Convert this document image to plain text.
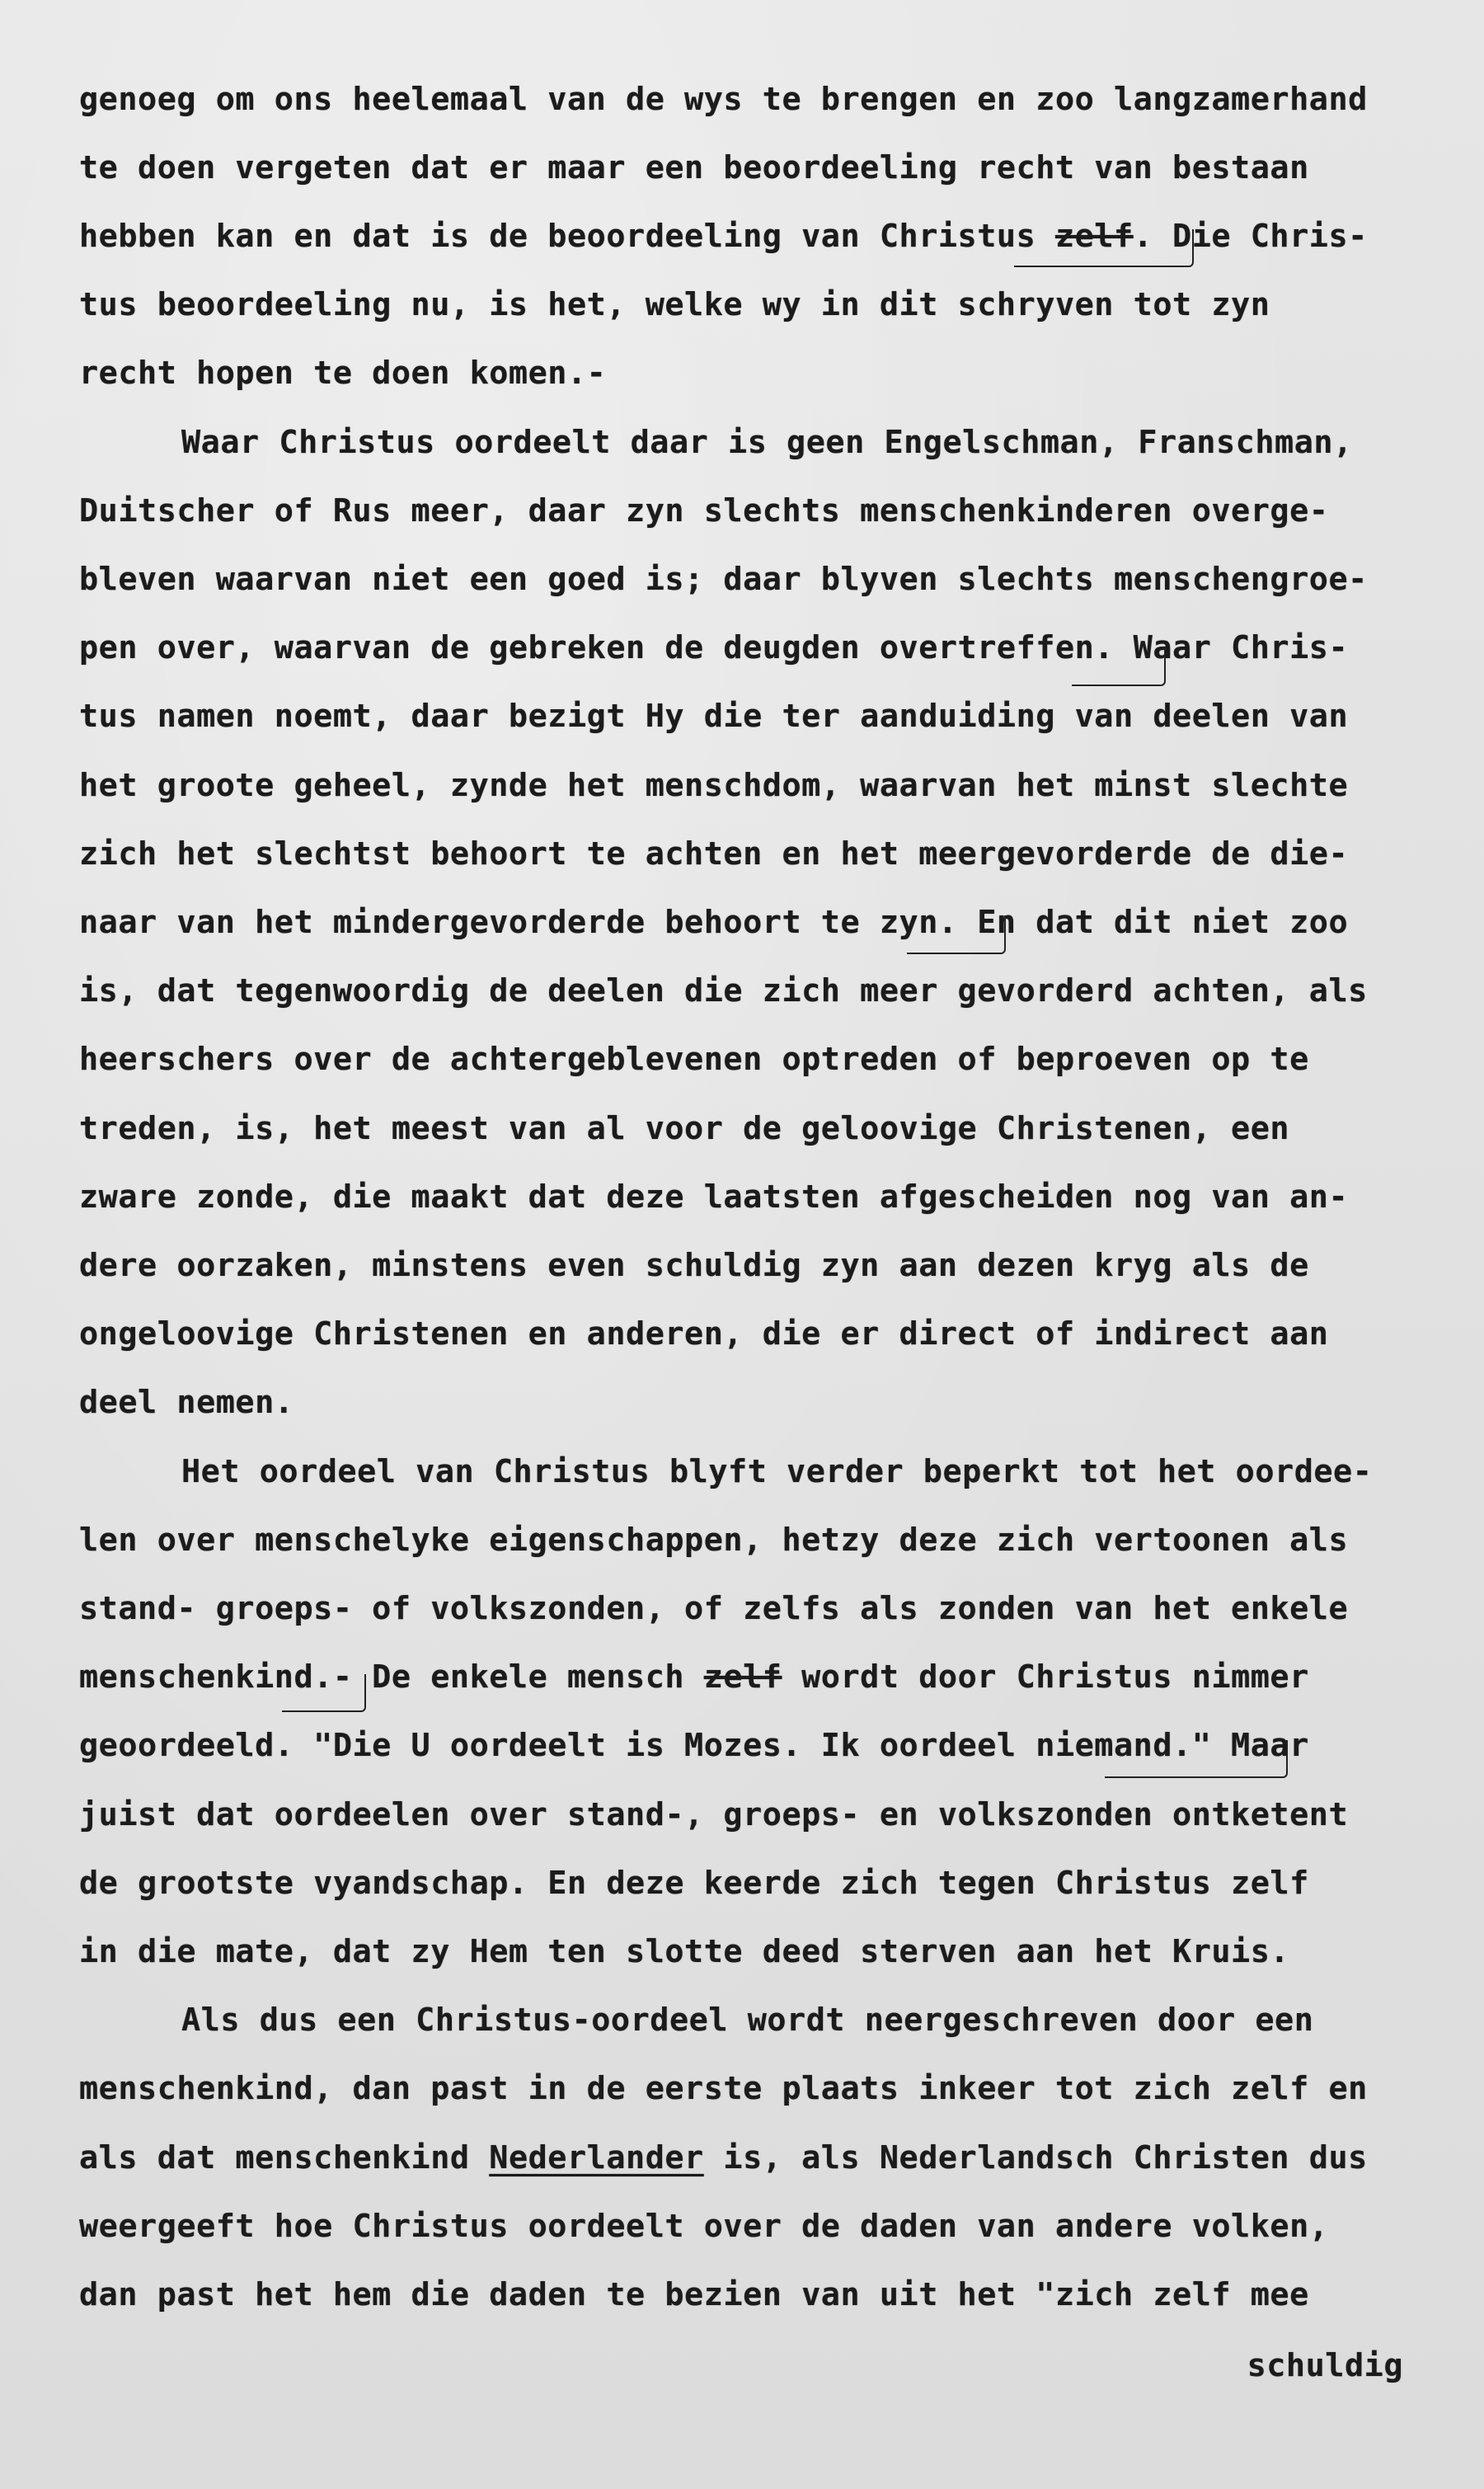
genoeg om ons heelemaal van de wys te brengen en zoo langzamerhand
te doen vergeten dat er maar een beoordeeling recht van bestaan
hebben kan en dat is de beoordeeling van Christus zelf. Die Chris-
tus beoordeeling nu, is het, welke wy in dit schryven tot zyn
recht hopen te doen komen.-
Waar Christus oordeelt daar is geen Engelschman, Franschman,
Duitscher of Rus meer, daar zyn slechts menschenkinderen overge-
bleven waarvan niet een goed is; daar blyven slechts menschengroe-
pen over, waarvan de gebreken de deugden overtreffen. Waar Chris-
tus namen noemt, daar bezigt Hy die ter aanduiding van deelen van
het groote geheel, zynde het menschdom, waarvan het minst slechte
zich het slechtst behoort te achten en het meergevorderde de die-
naar van het mindergevorderde behoort te zyn. En dat dit niet zoo
is, dat tegenwoordig de deelen die zich meer gevorderd achten, als
heerschers over de achtergeblevenen optreden of beproeven op te
treden, is, het meest van al voor de geloovige Christenen, een
zware zonde, die maakt dat deze laatsten afgescheiden nog van an-
dere oorzaken, minstens even schuldig zyn aan dezen kryg als de
ongeloovige Christenen en anderen, die er direct of indirect aan
deel nemen.
Het oordeel van Christus blyft verder beperkt tot het oordee-
len over menschelyke eigenschappen, hetzy deze zich vertoonen als
stand- groeps- of volkszonden, of zelfs als zonden van het enkele
menschenkind.- De enkele mensch zelf wordt door Christus nimmer
geoordeeld. "Die U oordeelt is Mozes. Ik oordeel niemand." Maar
juist dat oordeelen over stand-, groeps- en volkszonden ontketent
de grootste vyandschap. En deze keerde zich tegen Christus zelf
in die mate, dat zy Hem ten slotte deed sterven aan het Kruis.
Als dus een Christus-oordeel wordt neergeschreven door een
menschenkind, dan past in de eerste plaats inkeer tot zich zelf en
als dat menschenkind Nederlander is, als Nederlandsch Christen dus
weergeeft hoe Christus oordeelt over de daden van andere volken,
dan past het hem die daden te bezien van uit het "zich zelf mee
schuldig
